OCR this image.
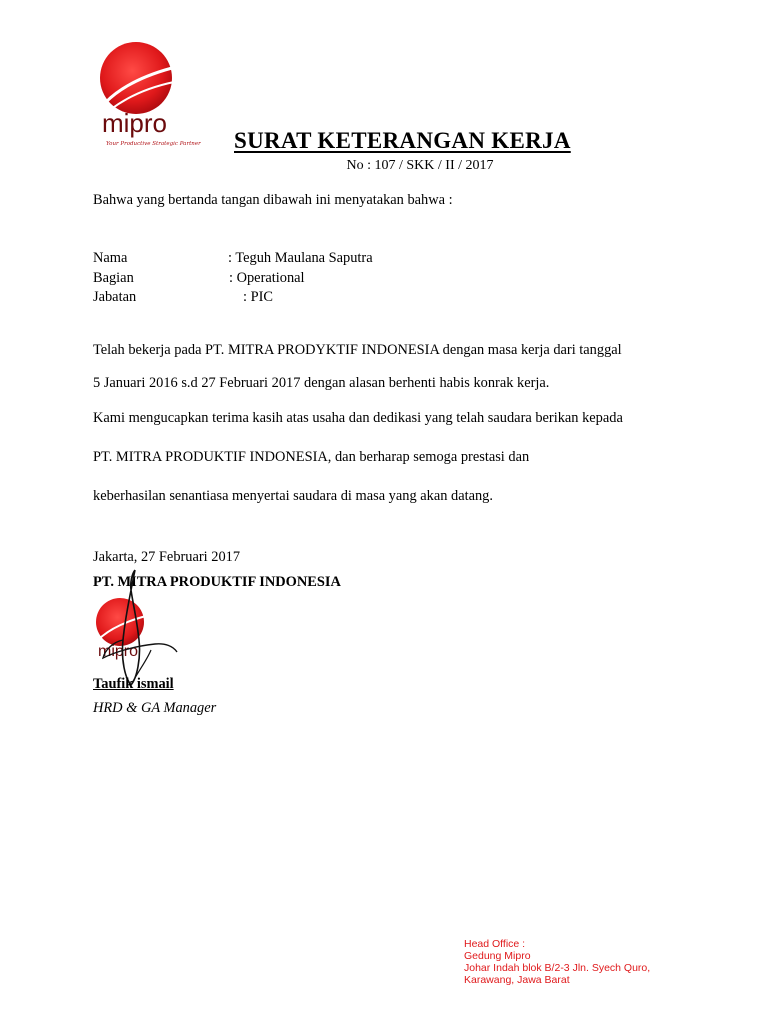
mipro
Your Productive Strategic Partner SURAT KETERANGAN KERJA
No : 107 / SKK / II / 2017
Bahwa yang bertanda tangan dibawah ini menyatakan bahwa :
Nama	: Teguh Maulana Saputra
Bagian	: Operational
Jabatan	: PIC
Telah bekerja pada PT. MITRA PRODYKTIF INDONESIA dengan masa kerja dari tanggal
5 Januari 2016 s.d 27 Februari 2017 dengan alasan berhenti habis konrak kerja.
Kami mengucapkan terima kasih atas usaha dan dedikasi yang telah saudara berikan kepada
PT. MITRA PRODUKTIF INDONESIA, dan berharap semoga prestasi dan
keberhasilan senantiasa menyertai saudara di masa yang akan datang.
Jakarta, 27 Februari 2017
PT. MITRA PRODUKTIF INDONESIA
mipro
Taufik ismail
HRD & GA Manager
Head Office :
Gedung Mipro
Johar Indah blok B/2-3 Jln. Syech Quro,
Karawang, Jawa Barat
